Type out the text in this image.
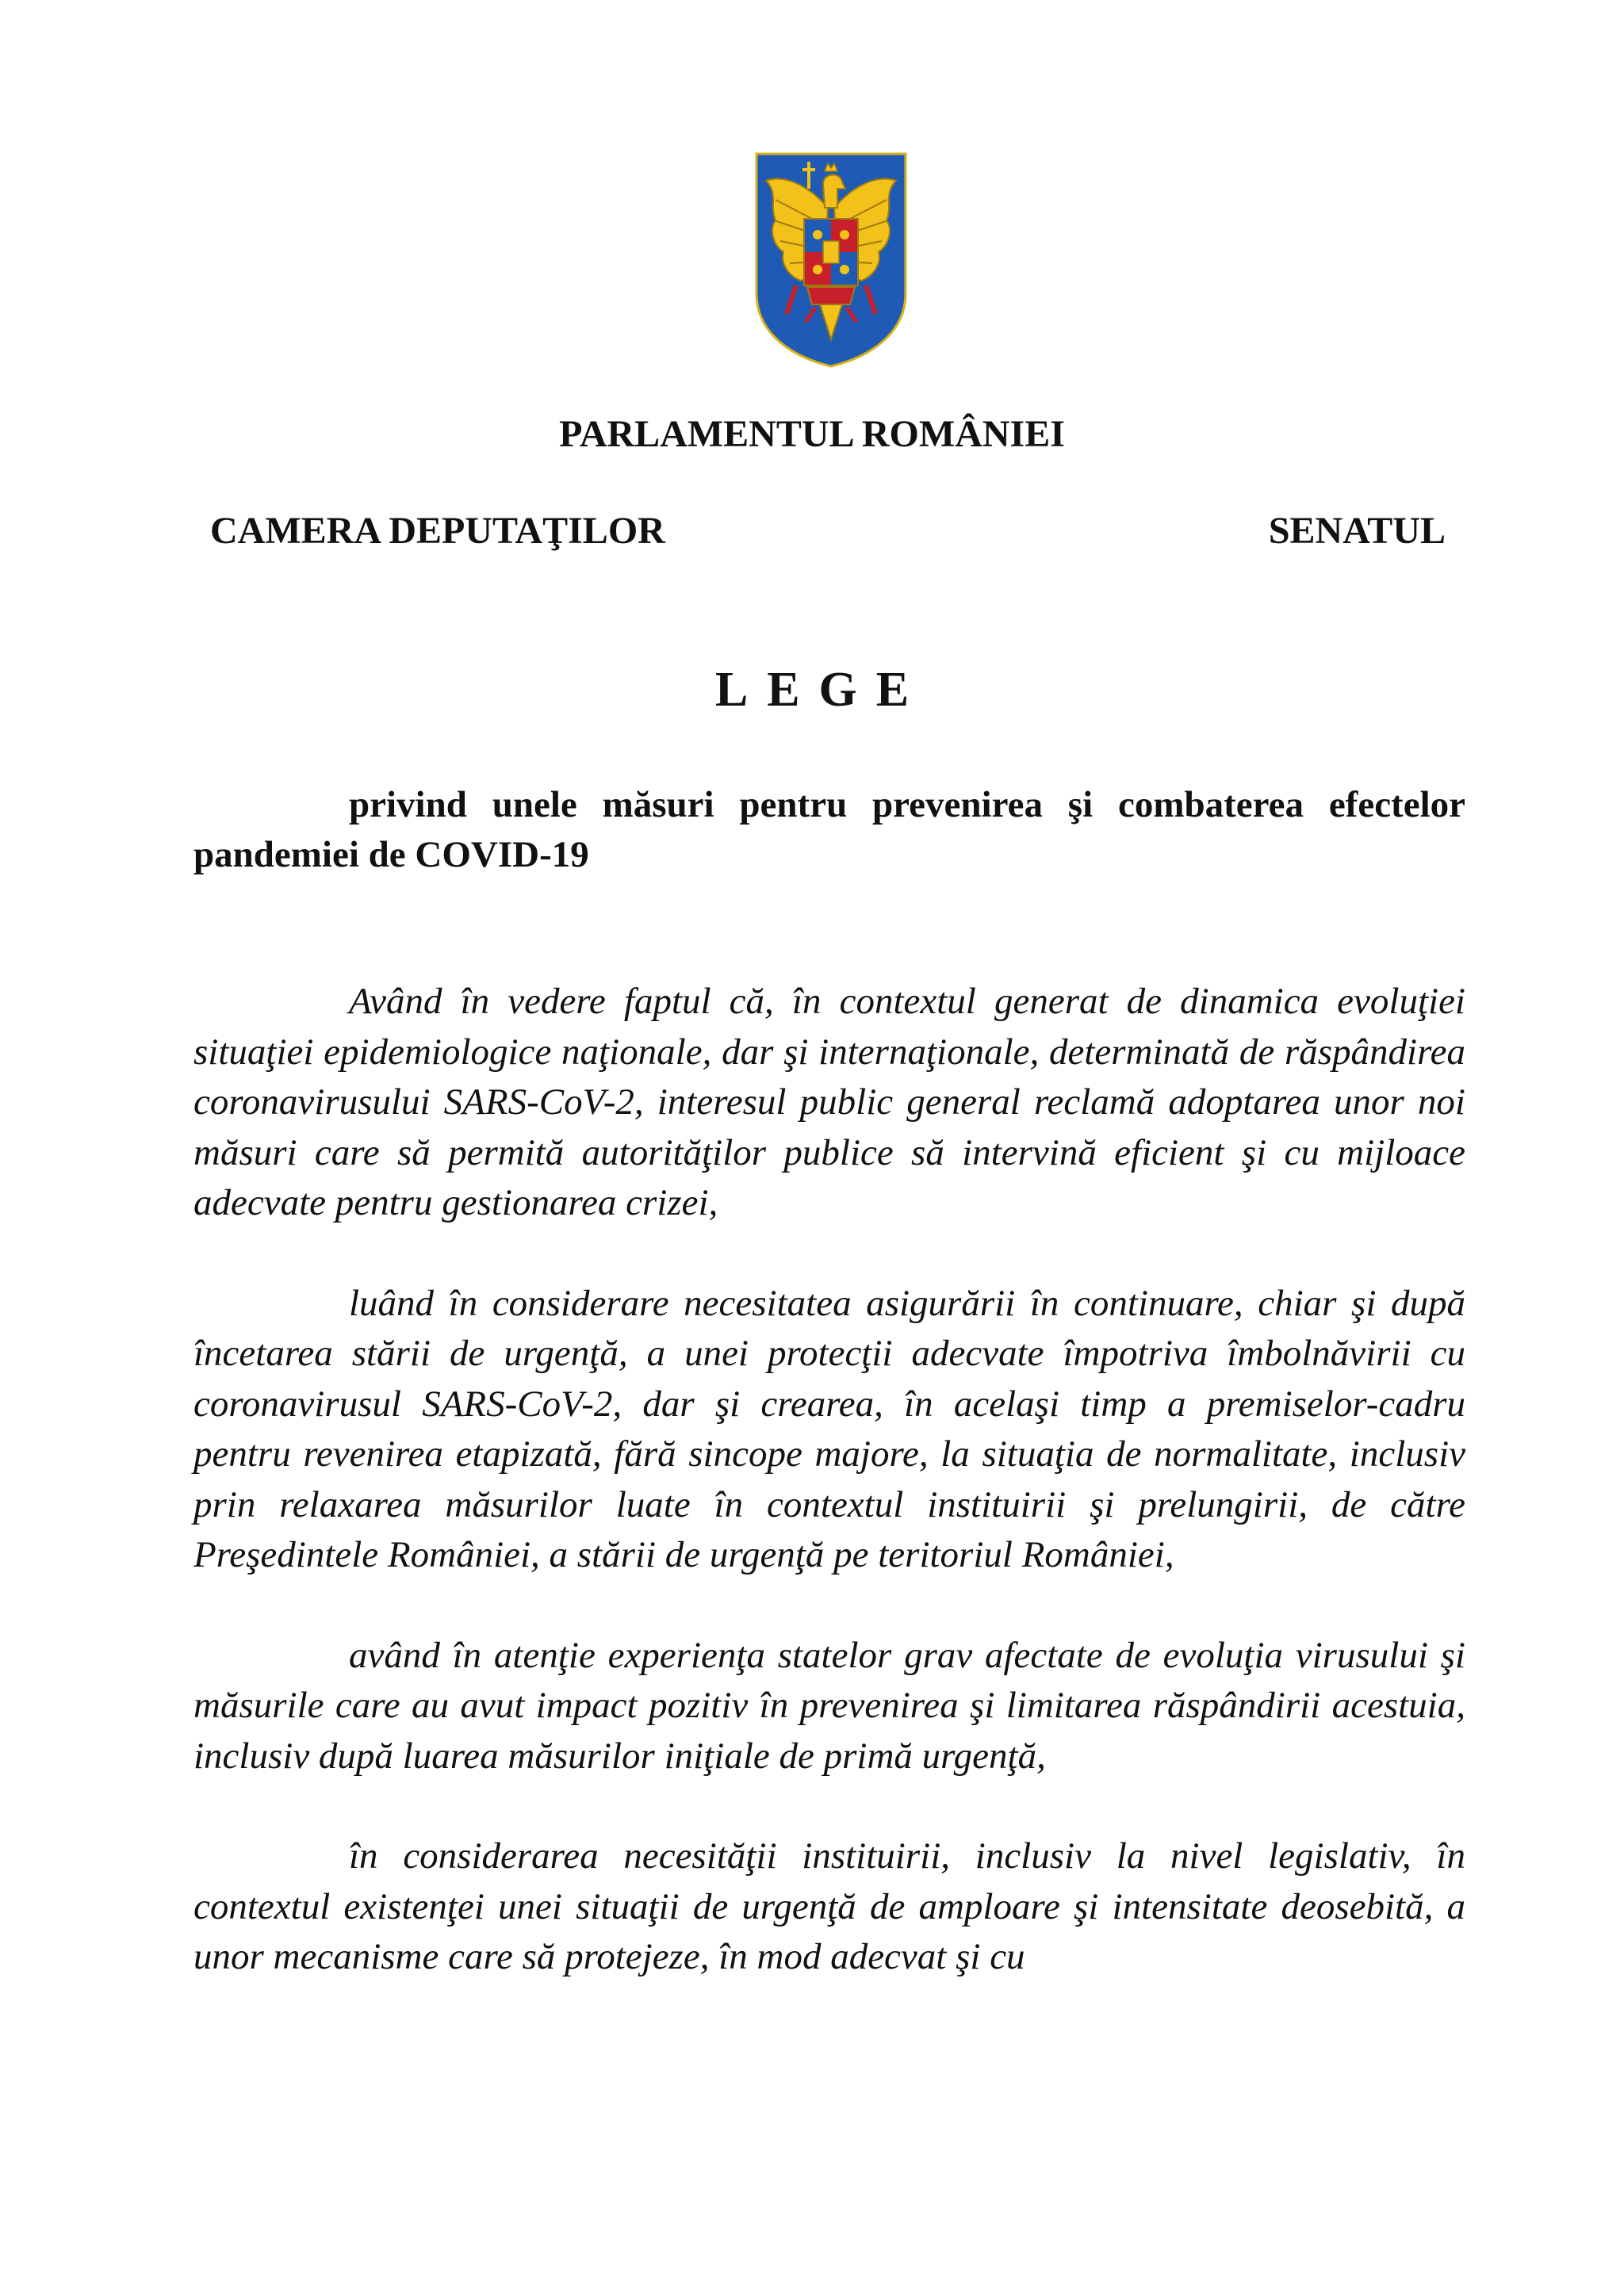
PARLAMENTUL ROMÂNIEI
CAMERA DEPUTAŢILOR	SENATUL
LEGE

privind unele măsuri pentru prevenirea şi combaterea efectelor pandemiei de COVID-19

Având în vedere faptul că, în contextul generat de dinamica evoluţiei situaţiei epidemiologice naţionale, dar şi internaţionale, determinată de răspândirea coronavirusului SARS-CoV-2, interesul public general reclamă adoptarea unor noi măsuri care să permită autorităţilor publice să intervină eficient şi cu mijloace adecvate pentru gestionarea crizei,

luând în considerare necesitatea asigurării în continuare, chiar şi după încetarea stării de urgenţă, a unei protecţii adecvate împotriva îmbolnăvirii cu coronavirusul SARS-CoV-2, dar şi crearea, în acelaşi timp a premiselor-cadru pentru revenirea etapizată, fără sincope majore, la situaţia de normalitate, inclusiv prin relaxarea măsurilor luate în contextul instituirii şi prelungirii, de către Preşedintele României, a stării de urgenţă pe teritoriul României,

având în atenţie experienţa statelor grav afectate de evoluţia virusului şi măsurile care au avut impact pozitiv în prevenirea şi limitarea răspândirii acestuia, inclusiv după luarea măsurilor iniţiale de primă urgenţă,

în considerarea necesităţii instituirii, inclusiv la nivel legislativ, în contextul existenţei unei situaţii de urgenţă de amploare şi intensitate deosebită, a unor mecanisme care să protejeze, în mod adecvat şi cu
